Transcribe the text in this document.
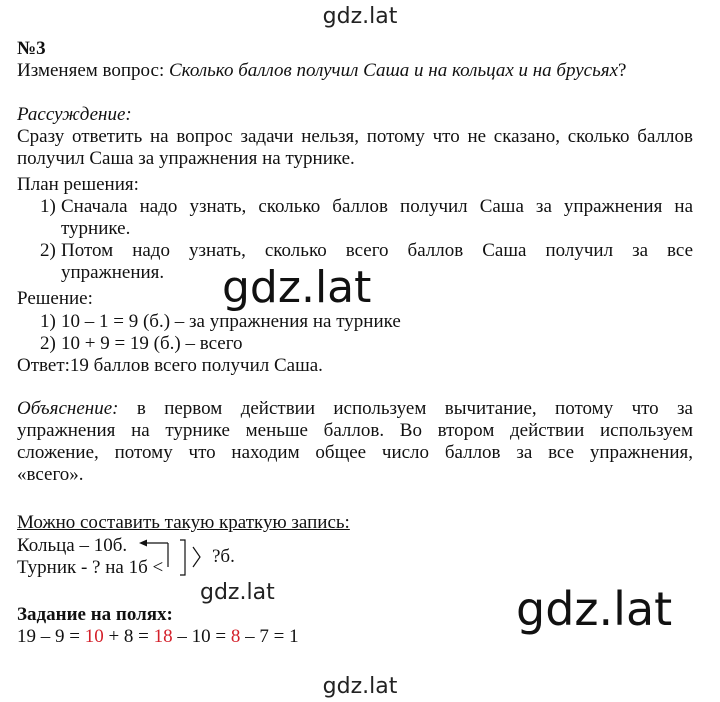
gdz.lat
№3
Изменяем вопрос: Сколько баллов получил Саша и на кольцах и на брусьях?
Рассуждение:
Сразу ответить на вопрос задачи нельзя, потому что не сказано, сколько баллов
получил Саша за упражнения на турнике.
План решения:
1) Сначала надо узнать, сколько баллов получил Саша за упражнения на
турнике.
2) Потом надо узнать, сколько всего баллов Саша получил за все
упражнения.	gdz.lat
Решение:
1) 10 – 1 = 9 (б.) – за упражнения на турнике
2) 10 + 9 = 19 (б.) – всего
Ответ:19 баллов всего получил Саша.
Объяснение: в первом действии используем вычитание, потому что за
упражнения на турнике меньше баллов. Во втором действии используем
сложение, потому что находим общее число баллов за все упражнения,
«всего».
Можно составить такую краткую запись:
Кольца – 10б.
Турник - ? на 1б <
?б.
gdz.lat	gdz.lat
Задание на полях:
19 – 9 = 10 + 8 = 18 – 10 = 8 – 7 = 1
gdz.lat
